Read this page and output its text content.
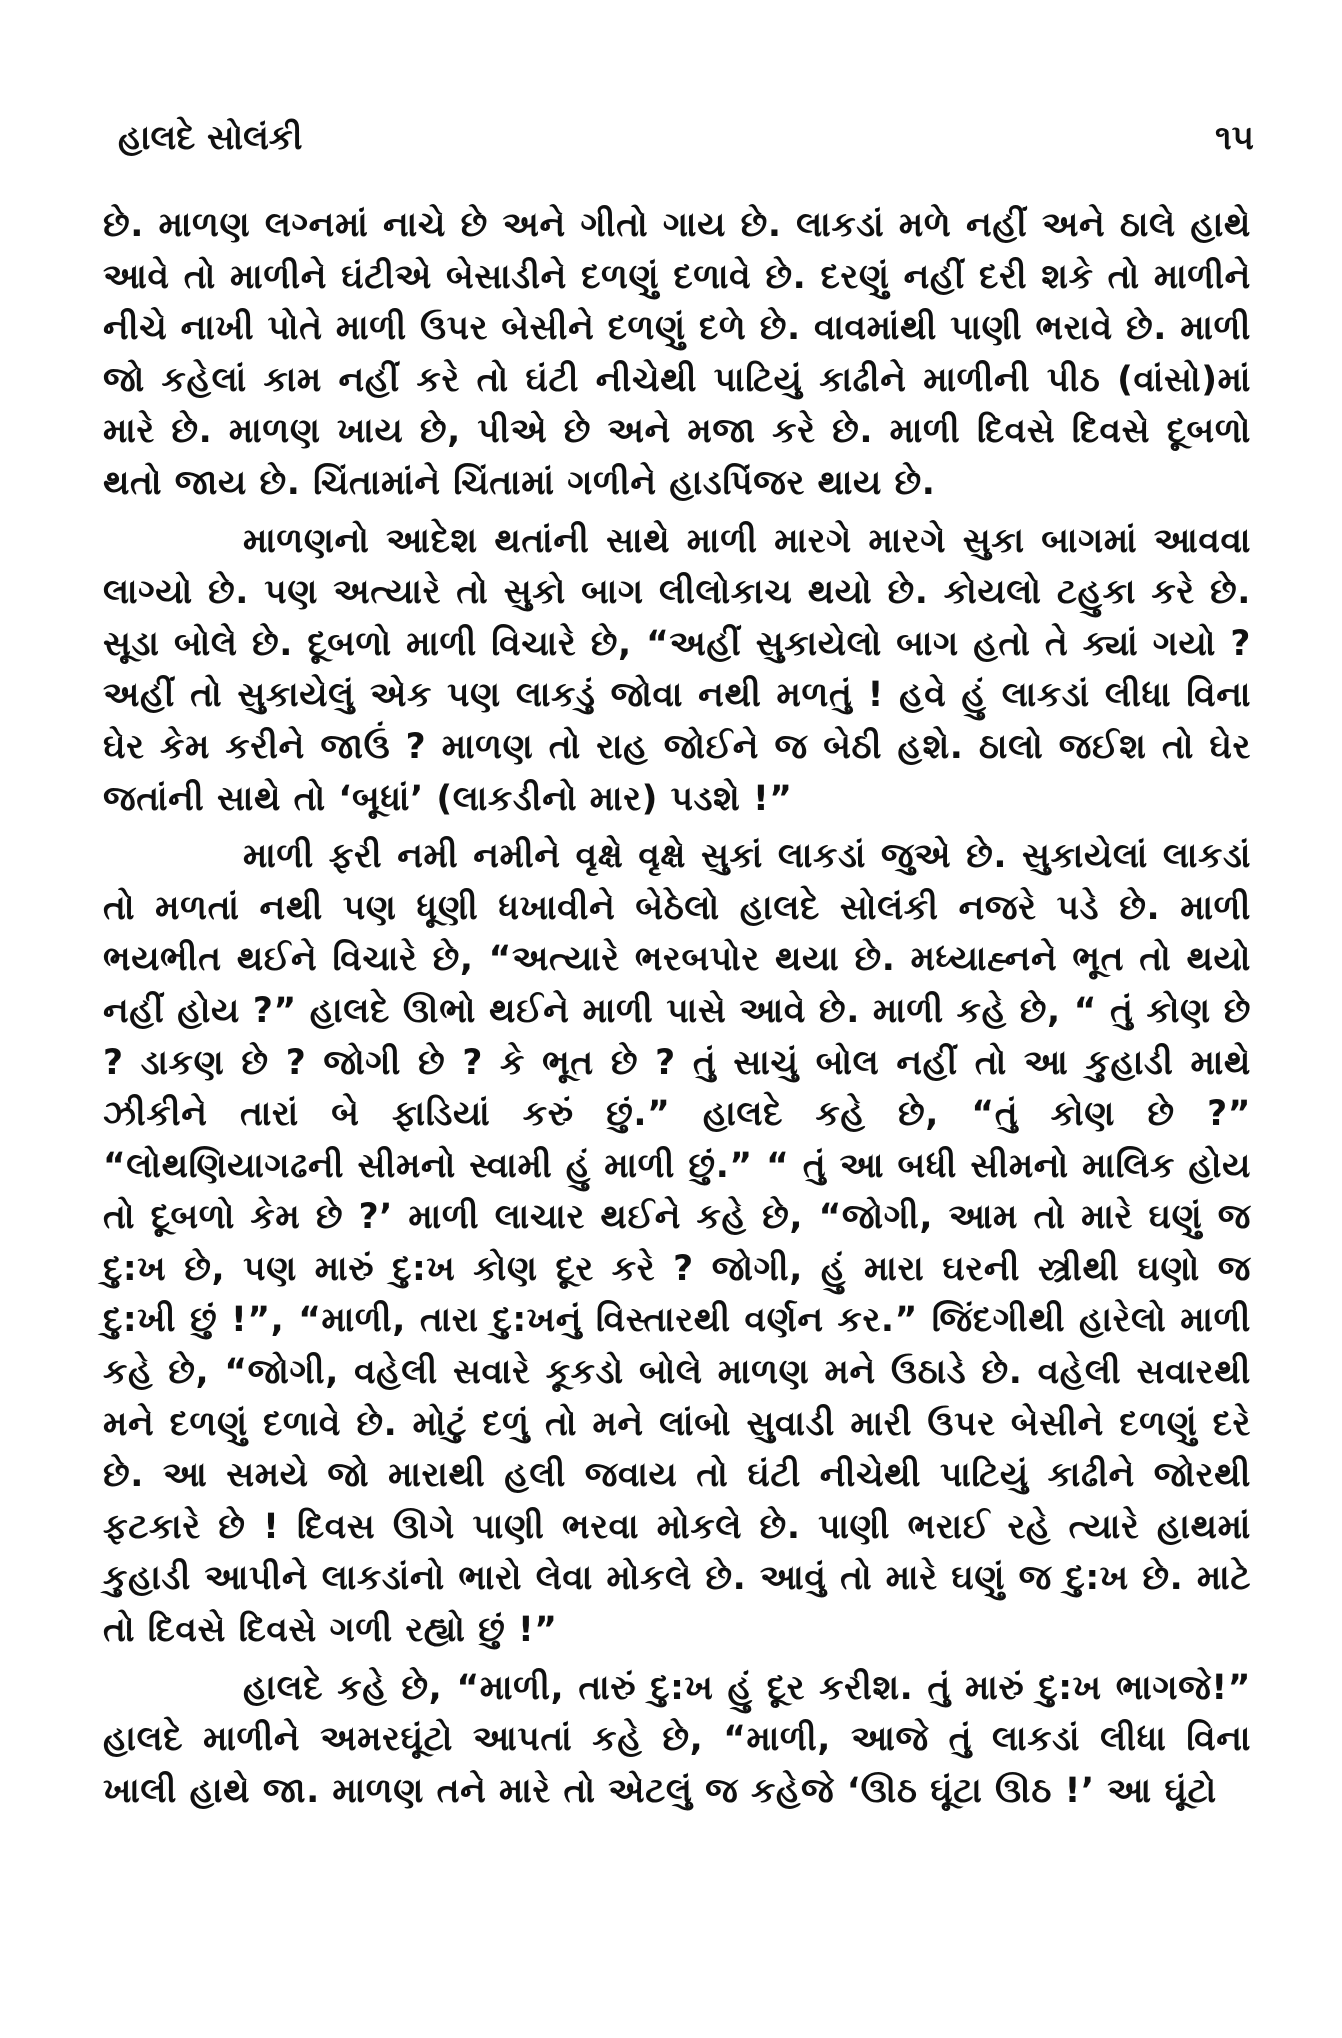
હાલદે સોલંકી	૧૫

છે. માળણ લગ્નમાં નાચે છે અને ગીતો ગાય છે. લાકડાં મળે નહીં અને ઠાલે હાથે આવે તો માળીને ઘંટીએ બેસાડીને દળણું દળાવે છે. દરણું નહીં દરી શકે તો માળીને નીચે નાખી પોતે માળી ઉપર બેસીને દળણું દળે છે. વાવમાંથી પાણી ભરાવે છે. માળી જો કહેલાં કામ નહીં કરે તો ઘંટી નીચેથી પાટિયું કાઢીને માળીની પીઠ (વાંસો)માં મારે છે. માળણ ખાય છે, પીએ છે અને મજા કરે છે. માળી દિવસે દિવસે દૂબળો થતો જાય છે. ચિંતામાંને ચિંતામાં ગળીને હાડપિંજર થાય છે.

માળણનો આદેશ થતાંની સાથે માળી મારગે મારગે સુકા બાગમાં આવવા લાગ્યો છે. પણ અત્યારે તો સુકો બાગ લીલોકાચ થયો છે. કોયલો ટહુકા કરે છે. સૂડા બોલે છે. દૂબળો માળી વિચારે છે, “અહીં સુકાયેલો બાગ હતો તે ક્યાં ગયો ? અહીં તો સુકાયેલું એક પણ લાકડું જોવા નથી મળતું ! હવે હું લાકડાં લીધા વિના ઘેર કેમ કરીને જાઉં ? માળણ તો રાહ જોઈને જ બેઠી હશે. ઠાલો જઈશ તો ઘેર જતાંની સાથે તો ‘બૂધાં’ (લાકડીનો માર) પડશે !”

માળી ફરી નમી નમીને વૃક્ષે વૃક્ષે સુકાં લાકડાં જુએ છે. સુકાયેલાં લાકડાં તો મળતાં નથી પણ ધૂણી ધખાવીને બેઠેલો હાલદે સોલંકી નજરે પડે છે. માળી ભયભીત થઈને વિચારે છે, “અત્યારે ભરબપોર થયા છે. મધ્યાહ્નને ભૂત તો થયો નહીં હોય ?” હાલદે ઊભો થઈને માળી પાસે આવે છે. માળી કહે છે, “ તું કોણ છે ? ડાકણ છે ? જોગી છે ? કે ભૂત છે ? તું સાચું બોલ નહીં તો આ કુહાડી માથે ઝીકીને તારાં બે ફાડિયાં કરું છું.” હાલદે કહે છે, “તું કોણ છે ?” “લોથણિયાગઢની સીમનો સ્વામી હું માળી છું.” “ તું આ બધી સીમનો માલિક હોય તો દૂબળો કેમ છે ?’ માળી લાચાર થઈને કહે છે, “જોગી, આમ તો મારે ઘણું જ દુ:ખ છે, પણ મારું દુ:ખ કોણ દૂર કરે ? જોગી, હું મારા ઘરની સ્ત્રીથી ઘણો જ દુ:ખી છું !”, “માળી, તારા દુ:ખનું વિસ્તારથી વર્ણન કર.” જિંદગીથી હારેલો માળી કહે છે, “જોગી, વહેલી સવારે કૂકડો બોલે માળણ મને ઉઠાડે છે. વહેલી સવારથી મને દળણું દળાવે છે. મોટું દળું તો મને લાંબો સુવાડી મારી ઉપર બેસીને દળણું દરે છે. આ સમયે જો મારાથી હલી જવાય તો ઘંટી નીચેથી પાટિયું કાઢીને જોરથી ફટકારે છે ! દિવસ ઊગે પાણી ભરવા મોકલે છે. પાણી ભરાઈ રહે ત્યારે હાથમાં કુહાડી આપીને લાકડાંનો ભારો લેવા મોકલે છે. આવું તો મારે ઘણું જ દુ:ખ છે. માટે તો દિવસે દિવસે ગળી રહ્યો છું !”

હાલદે કહે છે, “માળી, તારું દુ:ખ હું દૂર કરીશ. તું મારું દુ:ખ ભાગજે!” હાલદે માળીને અમરઘૂંટો આપતાં કહે છે, “માળી, આજે તું લાકડાં લીધા વિના ખાલી હાથે જા. માળણ તને મારે તો એટલું જ કહેજે ‘ઊઠ ઘૂંટા ઊઠ !’ આ ઘૂંટો
